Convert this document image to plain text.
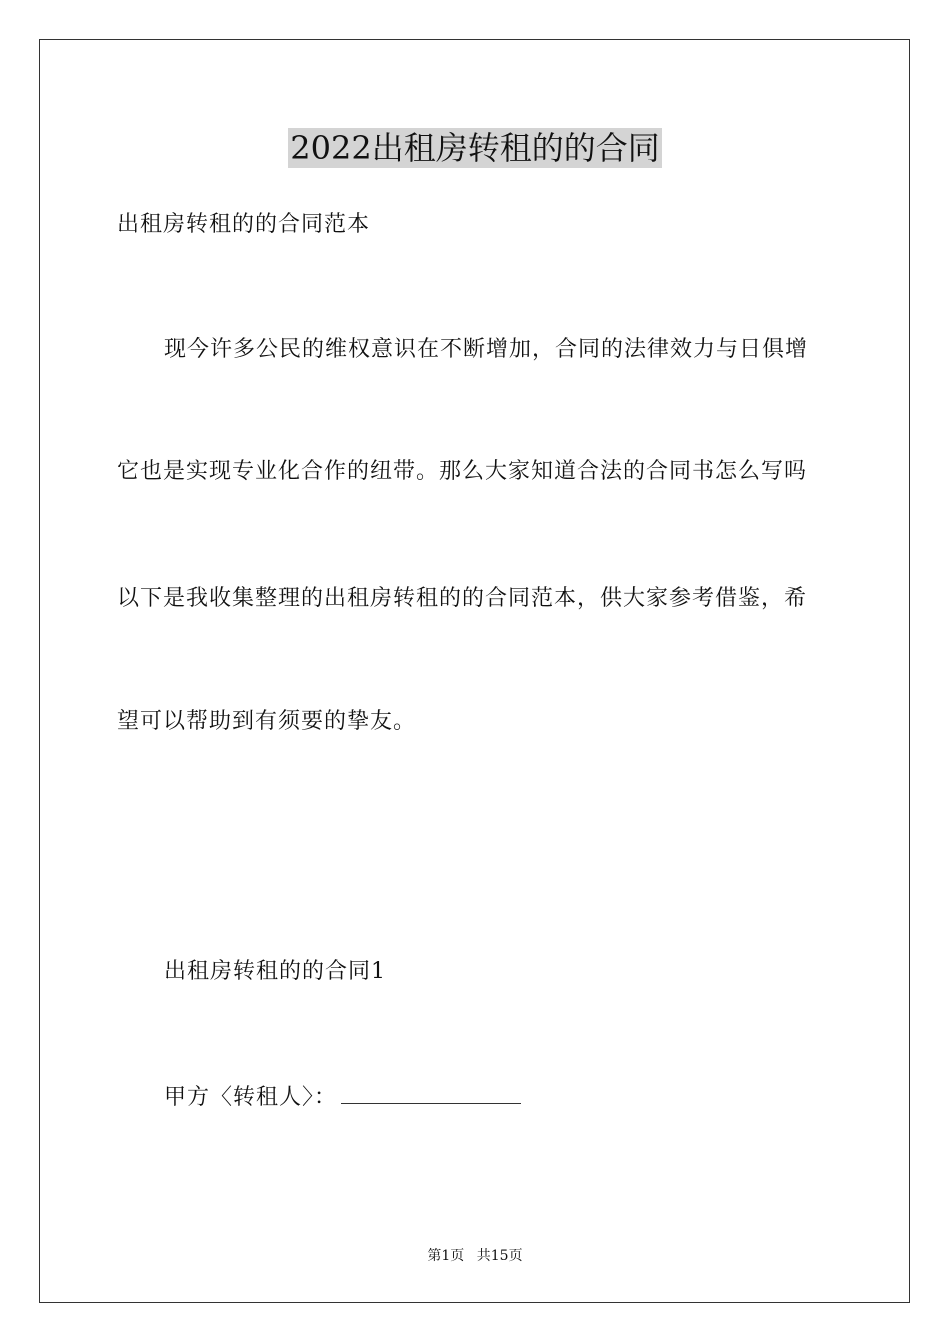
2022出租房转租的的合同
出租房转租的的合同范本
现今许多公民的维权意识在不断增加，合同的法律效力与日俱增
它也是实现专业化合作的纽带。那么大家知道合法的合同书怎么写吗
以下是我收集整理的出租房转租的的合同范本，供大家参考借鉴，希
望可以帮助到有须要的挚友。
出租房转租的的合同1
甲方〈转租人〉：
第1页 共15页
